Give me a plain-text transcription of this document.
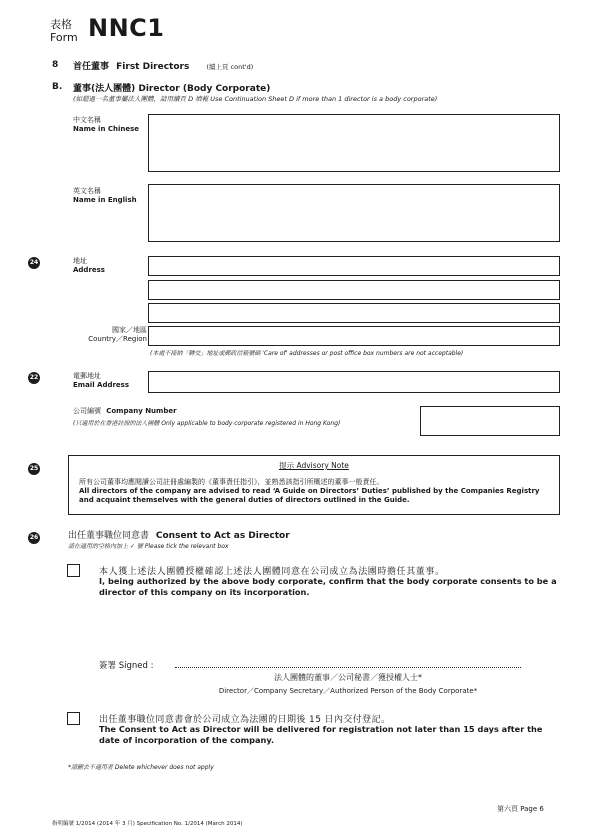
表格
Form NNC1
8 首任董事 First Directors	(續上頁 cont'd)
B. 董事(法人團體) Director (Body Corporate)
(如超過一名董事屬法人團體，請用續頁 D 填報 Use Continuation Sheet D if more than 1 director is a body corporate)
中文名稱
Name in Chinese
英文名稱
Name in English
24	地址
Address
國家／地區
Country／Region
(本處不接納「轉交」地址或郵政信箱號碼 'Care of' addresses or post office box numbers are not acceptable)
22	電郵地址
Email Address
公司編號 Company Number
(只適用於在香港註冊的法人團體 Only applicable to body corporate registered in Hong Kong)
25	提示 Advisory Note
所有公司董事均應閱讀公司註冊處編製的《董事責任指引》，並熟悉該指引所概述的董事一般責任。
All directors of the company are advised to read ‘A Guide on Directors’ Duties’ published by the Companies Registry and acquaint themselves with the general duties of directors outlined in the Guide.
26	出任董事職位同意書 Consent to Act as Director
請在適用的空格內加上 ✓ 號 Please tick the relevant box
本人獲上述法人團體授權確認上述法人團體同意在公司成立為法團時擔任其董事。
I, being authorized by the above body corporate, confirm that the body corporate consents to be a director of this company on its incorporation.
簽署 Signed :
法人團體的董事／公司秘書／獲授權人士*
Director／Company Secretary／Authorized Person of the Body Corporate*
出任董事職位同意書會於公司成立為法團的日期後 15 日內交付登記。
The Consent to Act as Director will be delivered for registration not later than 15 days after the date of incorporation of the company.
*請刪去不適用者 Delete whichever does not apply
第六頁 Page 6
指明編號 1/2014 (2014 年 3 月) Specification No. 1/2014 (March 2014)
